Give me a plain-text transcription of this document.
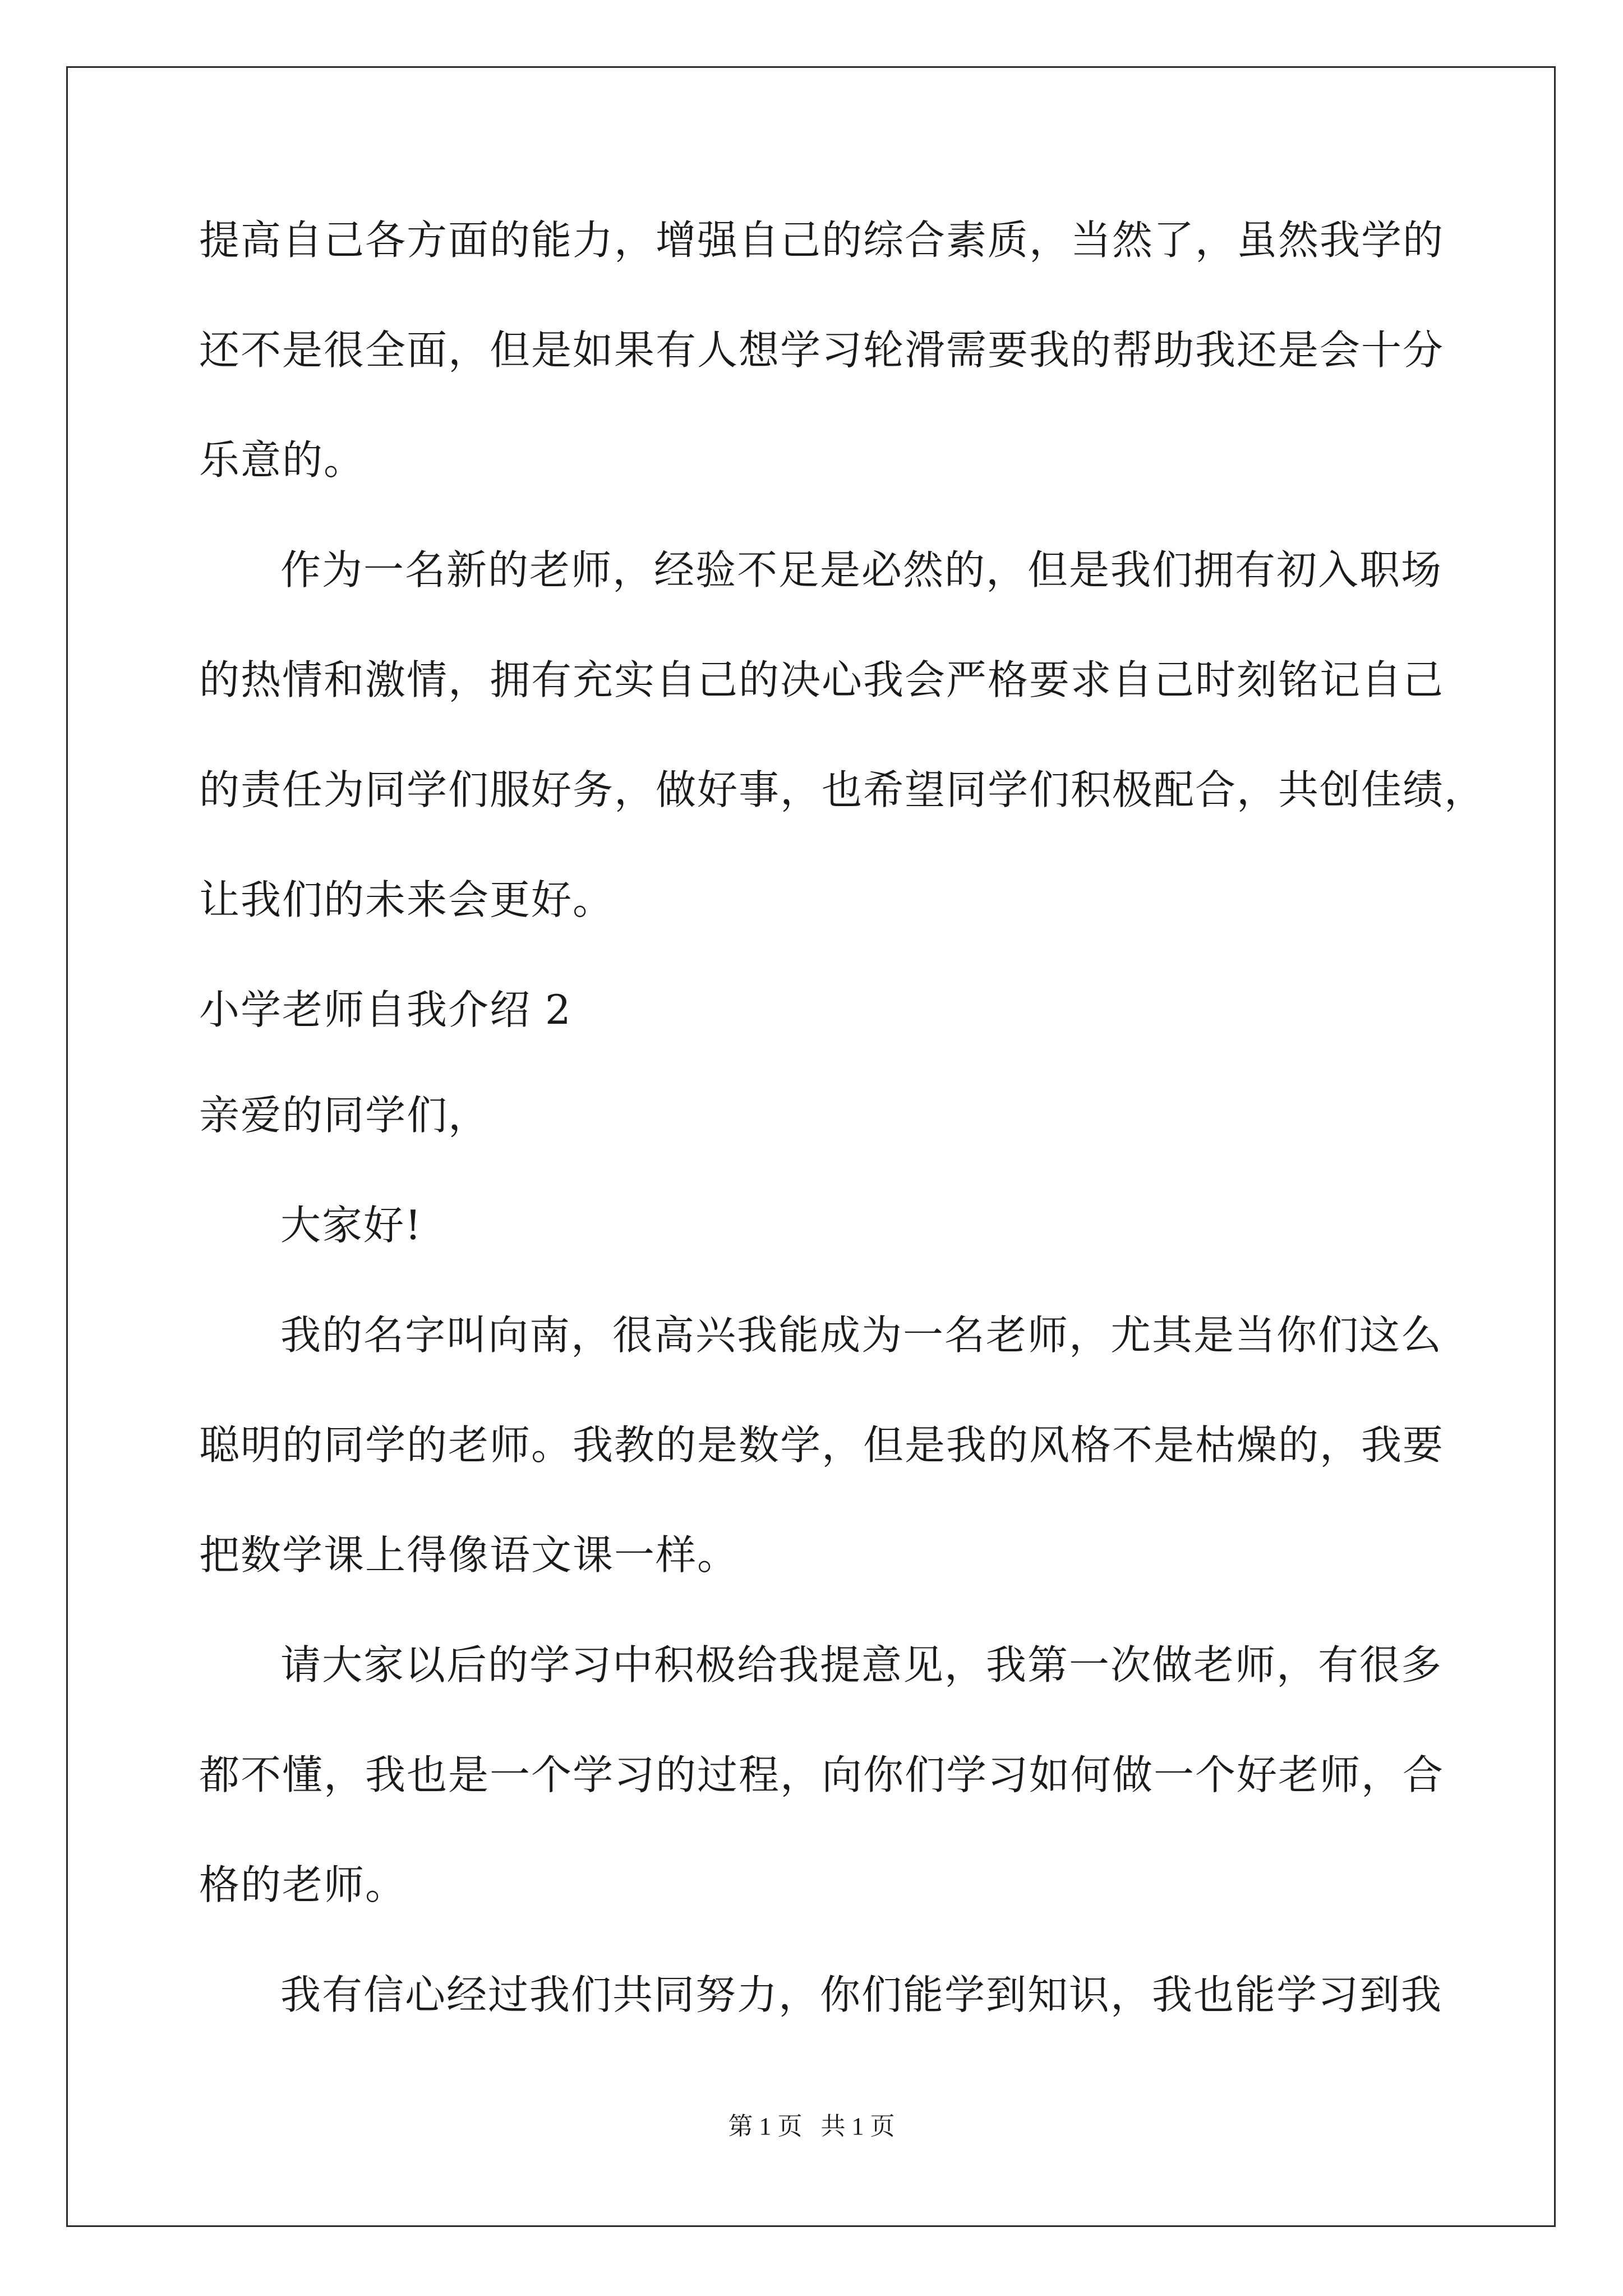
提高自己各方面的能力，增强自己的综合素质，当然了，虽然我学的
还不是很全面，但是如果有人想学习轮滑需要我的帮助我还是会十分
乐意的。
作为一名新的老师，经验不足是必然的，但是我们拥有初入职场
的热情和激情，拥有充实自己的决心我会严格要求自己时刻铭记自己
的责任为同学们服好务，做好事，也希望同学们积极配合，共创佳绩，
让我们的未来会更好。
小学老师自我介绍 2
亲爱的同学们，
大家好!
我的名字叫向南，很高兴我能成为一名老师，尤其是当你们这么
聪明的同学的老师。我教的是数学，但是我的风格不是枯燥的，我要
把数学课上得像语文课一样。
请大家以后的学习中积极给我提意见，我第一次做老师，有很多
都不懂，我也是一个学习的过程，向你们学习如何做一个好老师，合
格的老师。
我有信心经过我们共同努力，你们能学到知识，我也能学习到我
第 1 页   共 1 页
